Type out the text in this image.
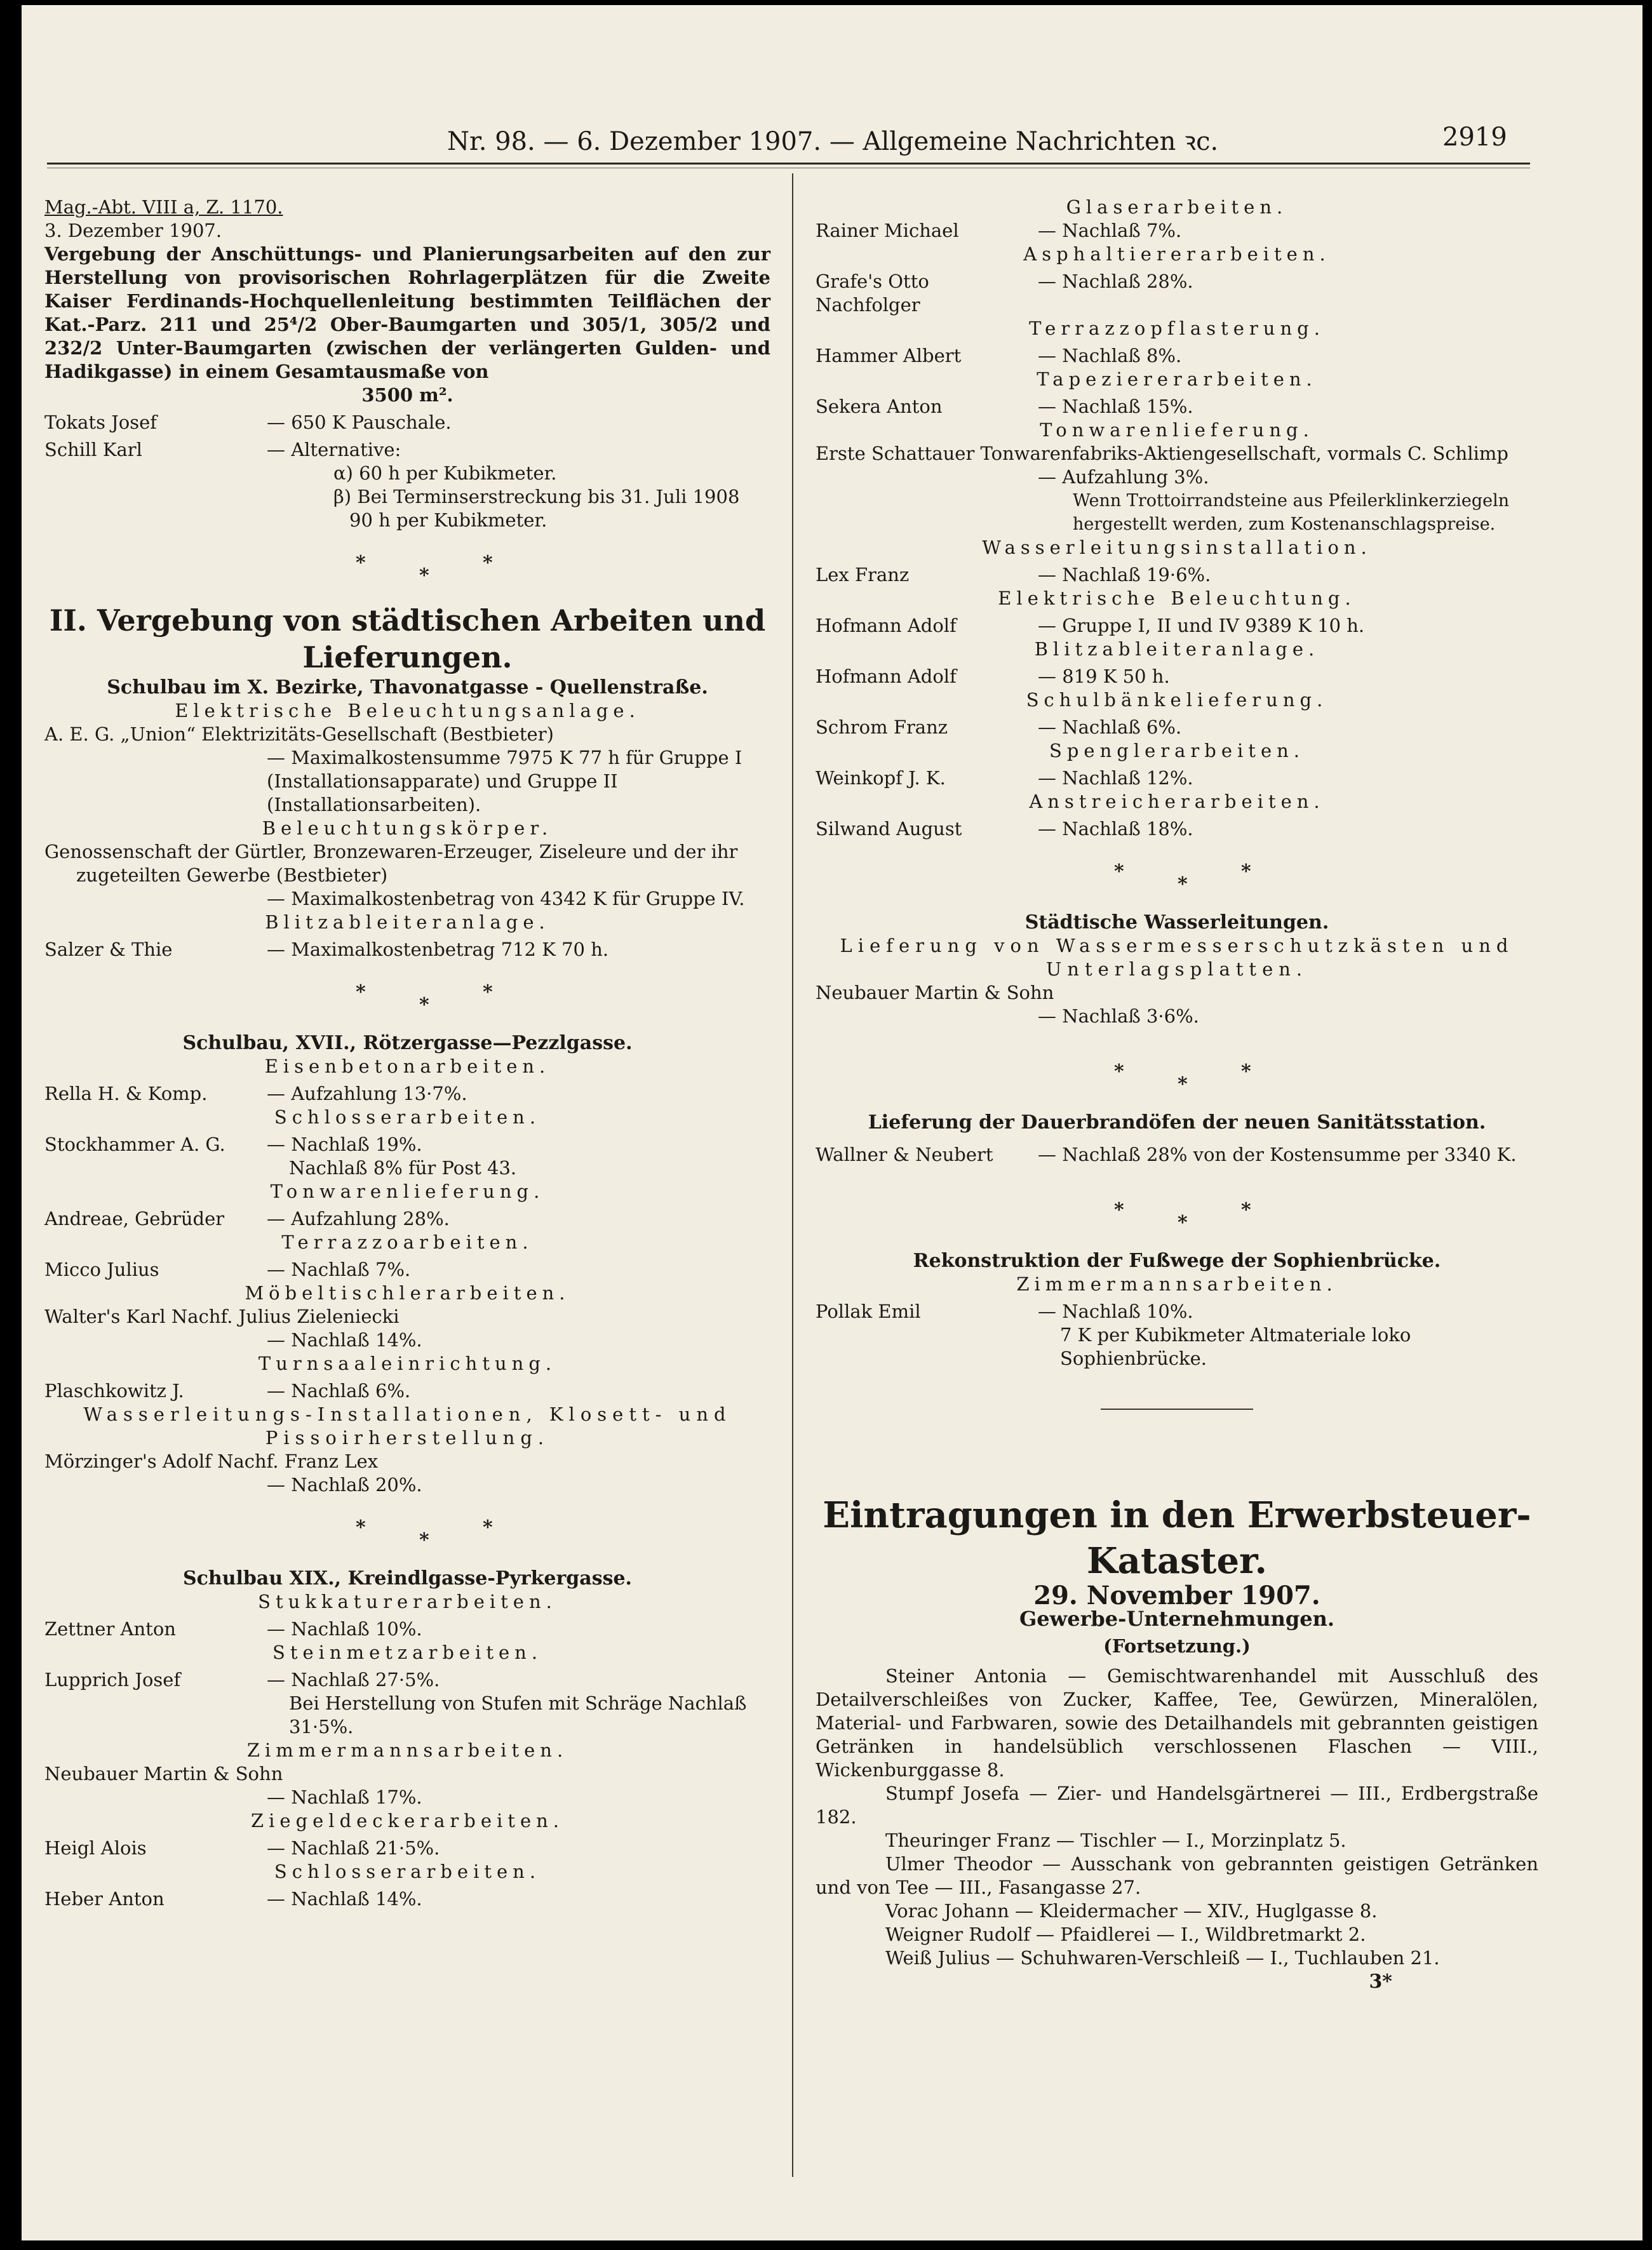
Nr. 98. — 6. Dezember 1907. — Allgemeine Nachrichten ꝛc.	2919

Mag.-Abt. VIII a, Z. 1170.

3. Dezember 1907.

Vergebung der Anschüttungs- und Planierungsarbeiten auf den zur Herstellung von provisorischen Rohrlagerplätzen für die Zweite Kaiser Ferdinands-Hochquellenleitung bestimmten Teilflächen der Kat.-Parz. 211 und 25⁴/2 Ober-Baumgarten und 305/1, 305/2 und 232/2 Unter-Baumgarten (zwischen der verlängerten Gulden- und Hadikgasse) in einem Gesamtausmaße von

3500 m².

Tokats Josef	— 650 K Pauschale.
Schill Karl	— Alternative:

α) 60 h per Kubikmeter.

β) Bei Terminserstreckung bis 31. Juli 1908

90 h per Kubikmeter.

*
*
*

II. Vergebung von städtischen Arbeiten und Lieferungen.

Schulbau im X. Bezirke, Thavonatgasse - Quellenstraße.

Elektrische Beleuchtungsanlage.

A. E. G. „Union“ Elektrizitäts-Gesellschaft (Bestbieter)

— Maximalkostensumme 7975 K 77 h für Gruppe I (Installationsapparate) und Gruppe II (Installationsarbeiten).

Beleuchtungskörper.

Genossenschaft der Gürtler, Bronzewaren-Erzeuger, Ziseleure und der ihr zugeteilten Gewerbe (Bestbieter)

— Maximalkostenbetrag von 4342 K für Gruppe IV.

Blitzableiteranlage.

Salzer & Thie	— Maximalkostenbetrag 712 K 70 h.
*
*
*

Schulbau, XVII., Rötzergasse—Pezzlgasse.

Eisenbetonarbeiten.

Rella H. & Komp.	— Aufzahlung 13·7%.

Schlosserarbeiten.

Stockhammer A. G.	— Nachlaß 19%.

Nachlaß 8% für Post 43.

Tonwarenlieferung.

Andreae, Gebrüder	— Aufzahlung 28%.

Terrazzoarbeiten.

Micco Julius	— Nachlaß 7%.

Möbeltischlerarbeiten.

Walter's Karl Nachf. Julius Zieleniecki

— Nachlaß 14%.

Turnsaaleinrichtung.

Plaschkowitz J.	— Nachlaß 6%.

Wasserleitungs-Installationen, Klosett- und Pissoirherstellung.

Mörzinger's Adolf Nachf. Franz Lex

— Nachlaß 20%.

*
*
*

Schulbau XIX., Kreindlgasse-Pyrkergasse.

Stukkaturerarbeiten.

Zettner Anton	— Nachlaß 10%.

Steinmetzarbeiten.

Lupprich Josef	— Nachlaß 27·5%.

Bei Herstellung von Stufen mit Schräge Nachlaß 31·5%.

Zimmermannsarbeiten.

Neubauer Martin & Sohn

— Nachlaß 17%.

Ziegeldeckerarbeiten.

Heigl Alois	— Nachlaß 21·5%.

Schlosserarbeiten.

Heber Anton	— Nachlaß 14%.

Glaserarbeiten.

Rainer Michael	— Nachlaß 7%.

Asphaltiererarbeiten.

Grafe's Otto Nachfolger
— Nachlaß 28%.

Terrazzopflasterung.

Hammer Albert	— Nachlaß 8%.

Tapeziererarbeiten.

Sekera Anton	— Nachlaß 15%.

Tonwarenlieferung.

Erste Schattauer Tonwarenfabriks-Aktiengesellschaft, vormals C. Schlimp

— Aufzahlung 3%.

Wenn Trottoirrandsteine aus Pfeilerklinkerziegeln hergestellt werden, zum Kostenanschlagspreise.

Wasserleitungsinstallation.

Lex Franz	— Nachlaß 19·6%.

Elektrische Beleuchtung.

Hofmann Adolf	— Gruppe I, II und IV 9389 K 10 h.

Blitzableiteranlage.

Hofmann Adolf	— 819 K 50 h.

Schulbänkelieferung.

Schrom Franz	— Nachlaß 6%.

Spenglerarbeiten.

Weinkopf J. K.	— Nachlaß 12%.

Anstreicherarbeiten.

Silwand August	— Nachlaß 18%.
*
*
*

Städtische Wasserleitungen.

Lieferung von Wassermesserschutzkästen und Unterlagsplatten.

Neubauer Martin & Sohn

— Nachlaß 3·6%.

*
*
*

Lieferung der Dauerbrandöfen der neuen Sanitätsstation.

Wallner & Neubert	— Nachlaß 28% von der Kostensumme per 3340 K.
*
*
*

Rekonstruktion der Fußwege der Sophienbrücke.

Zimmermannsarbeiten.

Pollak Emil	— Nachlaß 10%.

7 K per Kubikmeter Altmateriale loko Sophienbrücke.

Eintragungen in den Erwerbsteuer-Kataster.

29. November 1907.

Gewerbe-Unternehmungen.

(Fortsetzung.)

Steiner Antonia — Gemischtwarenhandel mit Ausschluß des Detailverschleißes von Zucker, Kaffee, Tee, Gewürzen, Mineralölen, Material- und Farbwaren, sowie des Detailhandels mit gebrannten geistigen Getränken in handelsüblich verschlossenen Flaschen — VIII., Wickenburggasse 8.

Stumpf Josefa — Zier- und Handelsgärtnerei — III., Erdbergstraße 182.

Theuringer Franz — Tischler — I., Morzinplatz 5.

Ulmer Theodor — Ausschank von gebrannten geistigen Getränken und von Tee — III., Fasangasse 27.

Vorac Johann — Kleidermacher — XIV., Huglgasse 8.

Weigner Rudolf — Pfaidlerei — I., Wildbretmarkt 2.

Weiß Julius — Schuhwaren-Verschleiß — I., Tuchlauben 21.

3*
